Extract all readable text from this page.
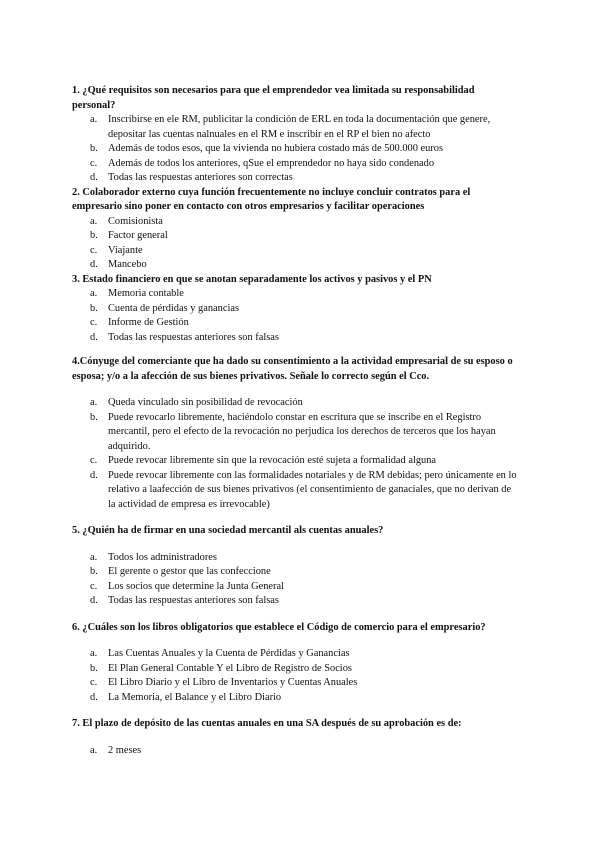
1. ¿Qué requisitos son necesarios para que el emprendedor vea limitada su responsabilidad personal?

a. Inscribirse en ele RM, publicitar la condición de ERL en toda la documentación que genere, depositar las cuentas nalnuales en el RM e inscribir en el RP el bien no afecto
b. Además de todos esos, que la vivienda no hubiera costado más de 500.000 euros
c. Además de todos los anteriores, qSue el emprendedor no haya sido condenado
d. Todas las respuestas anteriores son correctas

2. Colaborador externo cuya función frecuentemente no incluye concluir contratos para el empresario sino poner en contacto con otros empresarios y facilitar operaciones

a. Comisionista
b. Factor general
c. Viajante
d. Mancebo

3. Estado financiero en que se anotan separadamente los activos y pasivos y el PN

a. Memoria contable
b. Cuenta de pérdidas y ganancias
c. Informe de Gestión
d. Todas las respuestas anteriores son falsas

4.Cónyuge del comerciante que ha dado su consentimiento a la actividad empresarial de su esposo o esposa; y/o a la afección de sus bienes privativos. Señale lo correcto según el Cco.

a. Queda vinculado sin posibilidad de revocación
b. Puede revocarlo libremente, haciéndolo constar en escritura que se inscribe en el Registro mercantil, pero el efecto de la revocación no perjudica los derechos de terceros que los hayan adquirido.
c. Puede revocar libremente sin que la revocación esté sujeta a formalidad alguna
d. Puede revocar libremente con las formalidades notariales y de RM debidas; pero únicamente en lo relativo a laafección de sus bienes privativos (el consentimiento de ganaciales, que no derivan de la actividad de empresa es irrevocable)

5. ¿Quién ha de firmar en una sociedad mercantil als cuentas anuales?

a. Todos los administradores
b. El gerente o gestor que las confeccione
c. Los socios que determine la Junta General
d. Todas las respuestas anteriores son falsas

6. ¿Cuáles son los libros obligatorios que establece el Código de comercio para el empresario?

a. Las Cuentas Anuales y la Cuenta de Pérdidas y Ganancias
b. El Plan General Contable Y el Libro de Registro de Socios
c. El Libro Diario y el Libro de Inventarios y Cuentas Anuales
d. La Memoria, el Balance y el Libro Diario

7. El plazo de depósito de las cuentas anuales en una SA después de su aprobación es de:

a. 2 meses
